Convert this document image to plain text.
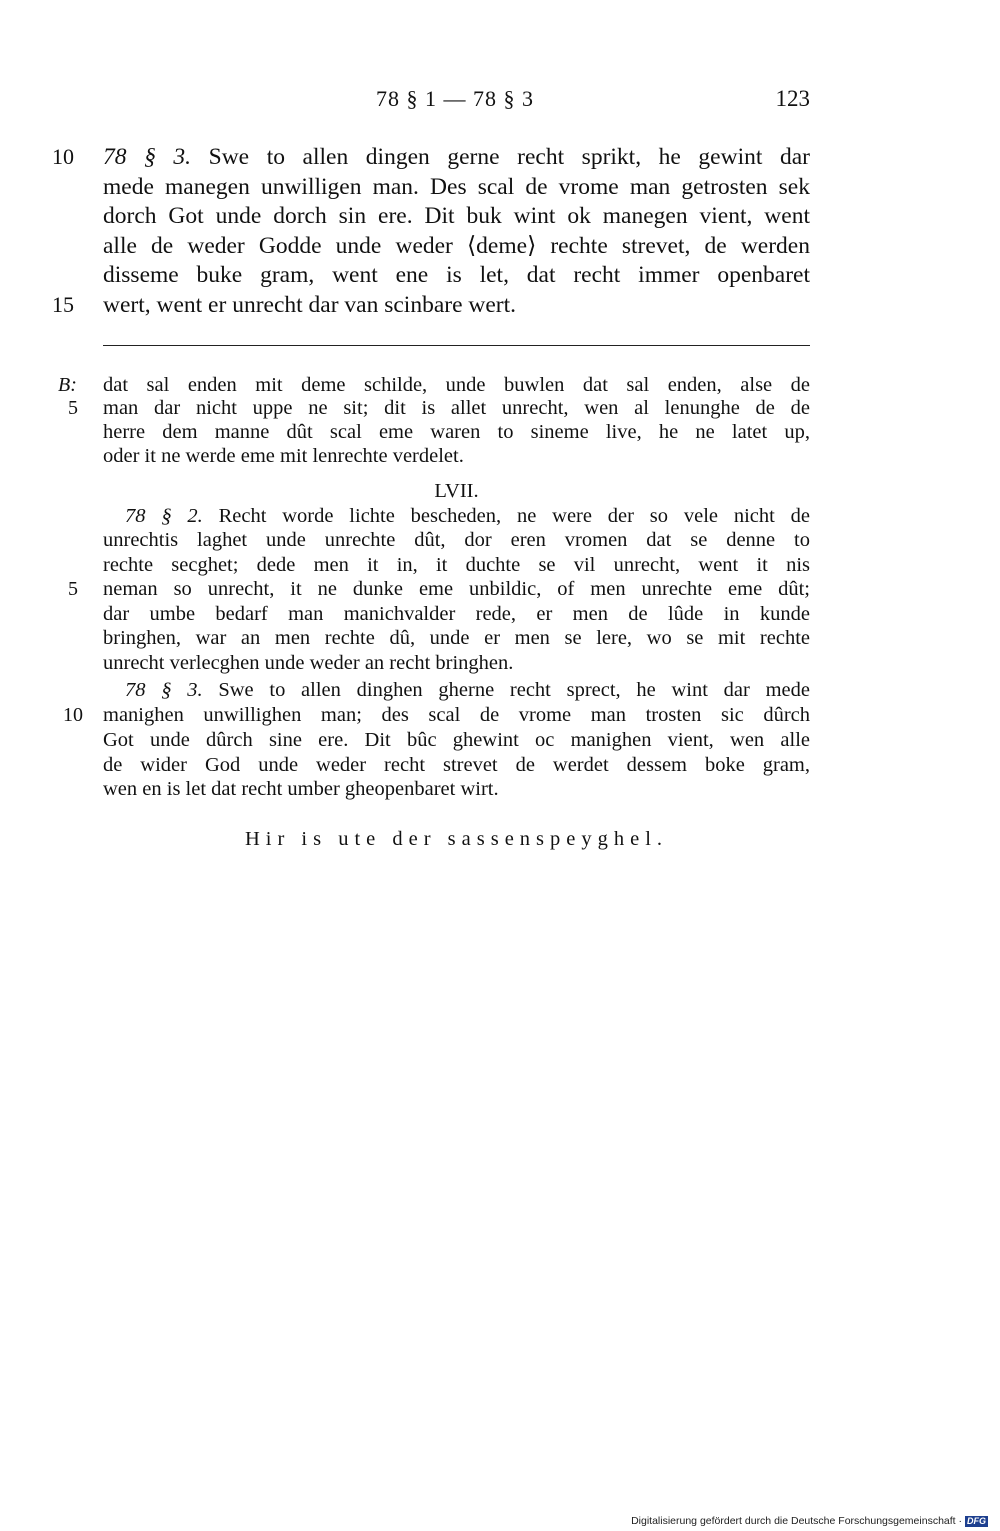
78 § 1 — 78 § 3	123
10 78 § 3. Swe to allen dingen gerne recht sprikt, he gewint dar
mede manegen unwilligen man. Des scal de vrome man getrosten sek
dorch Got unde dorch sin ere. Dit buk wint ok manegen vient, went
alle de weder Godde unde weder ⟨deme⟩ rechte strevet, de werden
disseme buke gram, went ene is let, dat recht immer openbaret
15 wert, went er unrecht dar van scinbare wert.
B:	dat sal enden mit deme schilde, unde buwlen dat sal enden, alse de
5	man dar nicht uppe ne sit; dit is allet unrecht, wen al lenunghe de de
herre dem manne dût scal eme waren to sineme live, he ne latet up,
oder it ne werde eme mit lenrechte verdelet.
LVII.
78 § 2. Recht worde lichte bescheden, ne were der so vele nicht de
unrechtis laghet unde unrechte dût, dor eren vromen dat se denne to
rechte secghet; dede men it in, it duchte se vil unrecht, went it nis
5	neman so unrecht, it ne dunke eme unbildic, of men unrechte eme dût;
dar umbe bedarf man manichvalder rede, er men de lûde in kunde
bringhen, war an men rechte dû, unde er men se lere, wo se mit rechte
unrecht verlecghen unde weder an recht bringhen.
78 § 3. Swe to allen dinghen gherne recht sprect, he wint dar mede
10 manighen unwillighen man; des scal de vrome man trosten sic dûrch
Got unde dûrch sine ere. Dit bûc ghewint oc manighen vient, wen alle
de wider God unde weder recht strevet de werdet dessem boke gram,
wen en is let dat recht umber gheopenbaret wirt.
Hir is ute der sassenspeyghel.
Digitalisierung gefördert durch die Deutsche Forschungsgemeinschaft · DFG
